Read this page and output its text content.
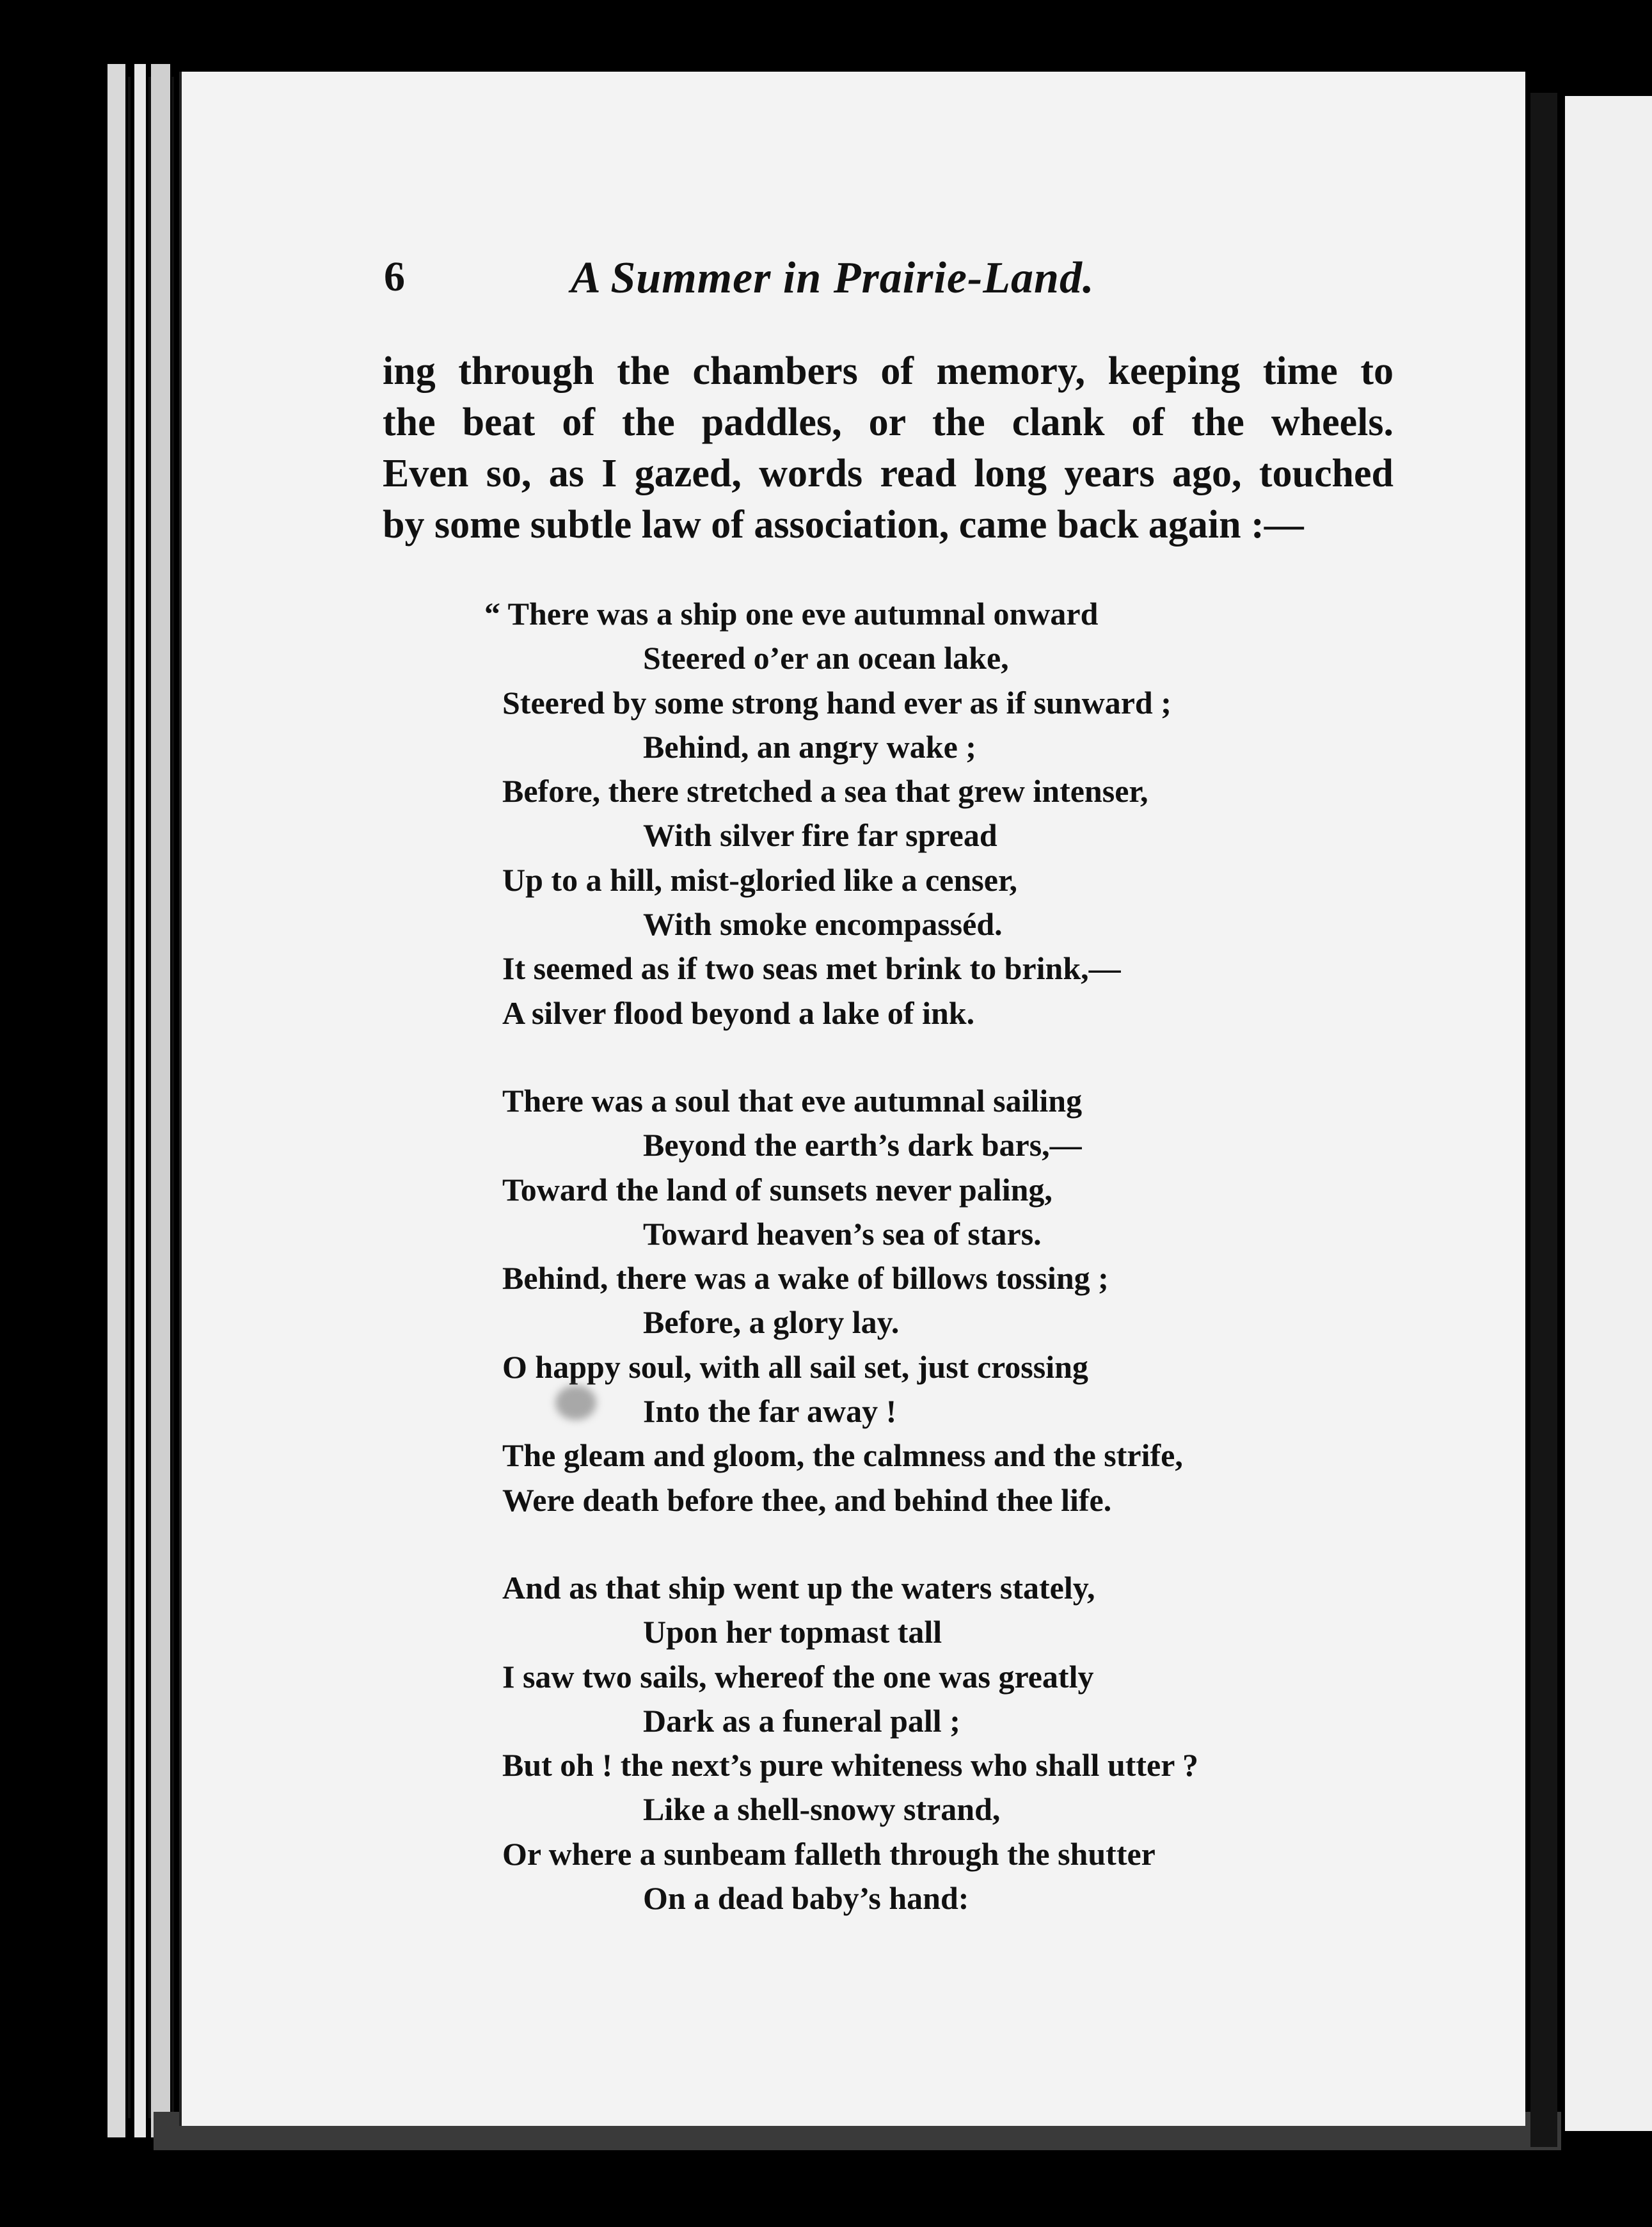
6	A Summer in Prairie-Land.
ing through the chambers of memory, keeping time to
the beat of the paddles, or the clank of the wheels.
Even so, as I gazed, words read long years ago, touched
by some subtle law of association, came back again :—
“ There was a ship one eve autumnal onward
Steered o’er an ocean lake,
Steered by some strong hand ever as if sunward ;
Behind, an angry wake ;
Before, there stretched a sea that grew intenser,
With silver fire far spread
Up to a hill, mist-gloried like a censer,
With smoke encompasséd.
It seemed as if two seas met brink to brink,—
A silver flood beyond a lake of ink.
There was a soul that eve autumnal sailing
Beyond the earth’s dark bars,—
Toward the land of sunsets never paling,
Toward heaven’s sea of stars.
Behind, there was a wake of billows tossing ;
Before, a glory lay.
O happy soul, with all sail set, just crossing
Into the far away !
The gleam and gloom, the calmness and the strife,
Were death before thee, and behind thee life.
And as that ship went up the waters stately,
Upon her topmast tall
I saw two sails, whereof the one was greatly
Dark as a funeral pall ;
But oh ! the next’s pure whiteness who shall utter ?
Like a shell-snowy strand,
Or where a sunbeam falleth through the shutter
On a dead baby’s hand:
